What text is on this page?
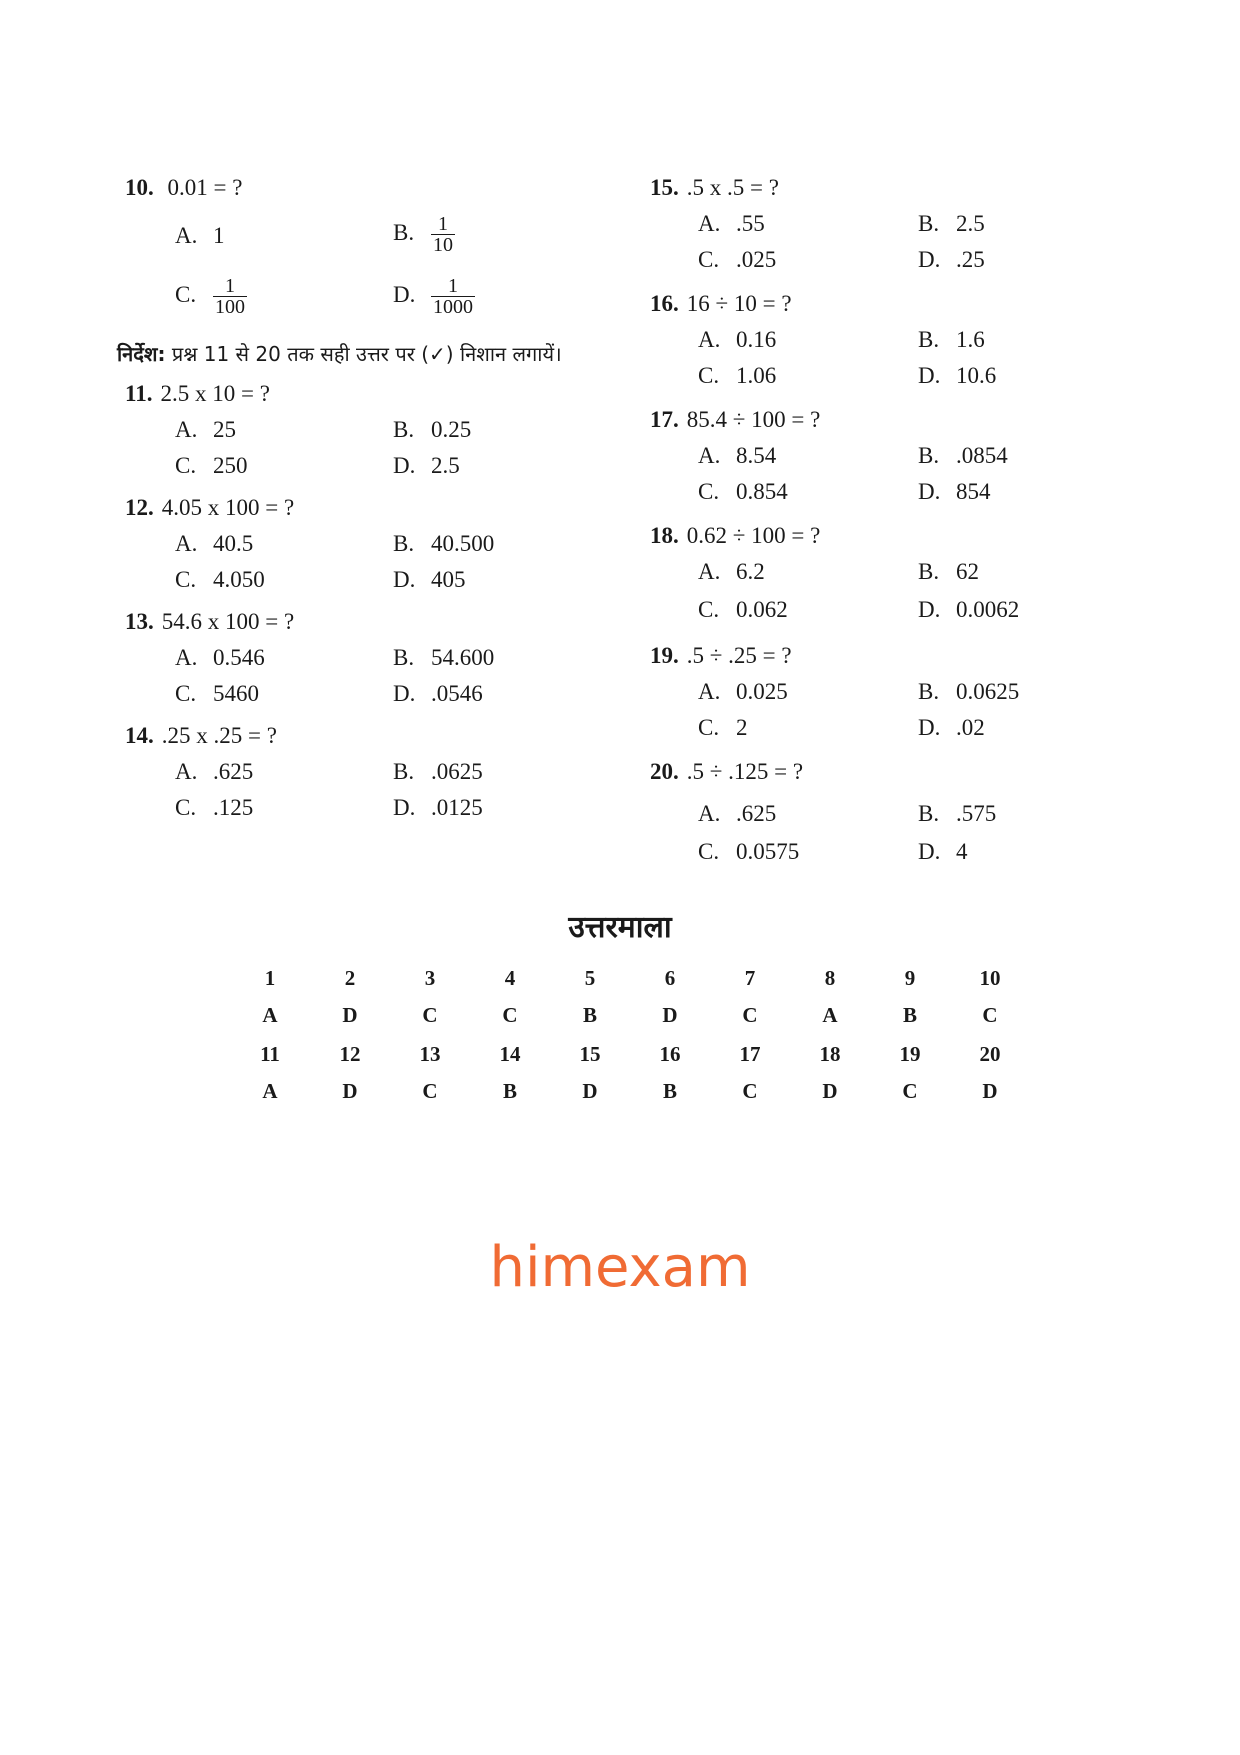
10. 0.01 = ?
A. 1	B. $\frac{1}{10}$
C. $\frac{1}{100}$	D. $\frac{1}{1000}$
निर्देश: प्रश्न 11 से 20 तक सही उत्तर पर (✓) निशान लगायें।
11. 2.5 x 10 = ?
A. 25	B. 0.25
C. 250	D. 2.5
12. 4.05 x 100 = ?
A. 40.5	B. 40.500
C. 4.050	D. 405
13. 54.6 x 100 = ?
A. 0.546	B. 54.600
C. 5460	D. .0546
14. .25 x .25 = ?
A. .625	B. .0625
C. .125	D. .0125
15. .5 x .5 = ?
A. .55	B. 2.5
C. .025	D. .25
16. 16 ÷ 10 = ?
A. 0.16	B. 1.6
C. 1.06	D. 10.6
17. 85.4 ÷ 100 = ?
A. 8.54	B. .0854
C. 0.854	D. 854
18. 0.62 ÷ 100 = ?
A. 6.2	B. 62
C. 0.062	D. 0.0062
19. .5 ÷ .25 = ?
A. 0.025	B. 0.0625
C. 2	D. .02
20. .5 ÷ .125 = ?
A. .625	B. .575
C. 0.0575	D. 4
उत्तरमाला
1	2	3	4	5	6	7	8	9	10
A	D	C	C	B	D	C	A	B	C
11	12	13	14	15	16	17	18	19	20
A	D	C	B	D	B	C	D	C	D
himexam
